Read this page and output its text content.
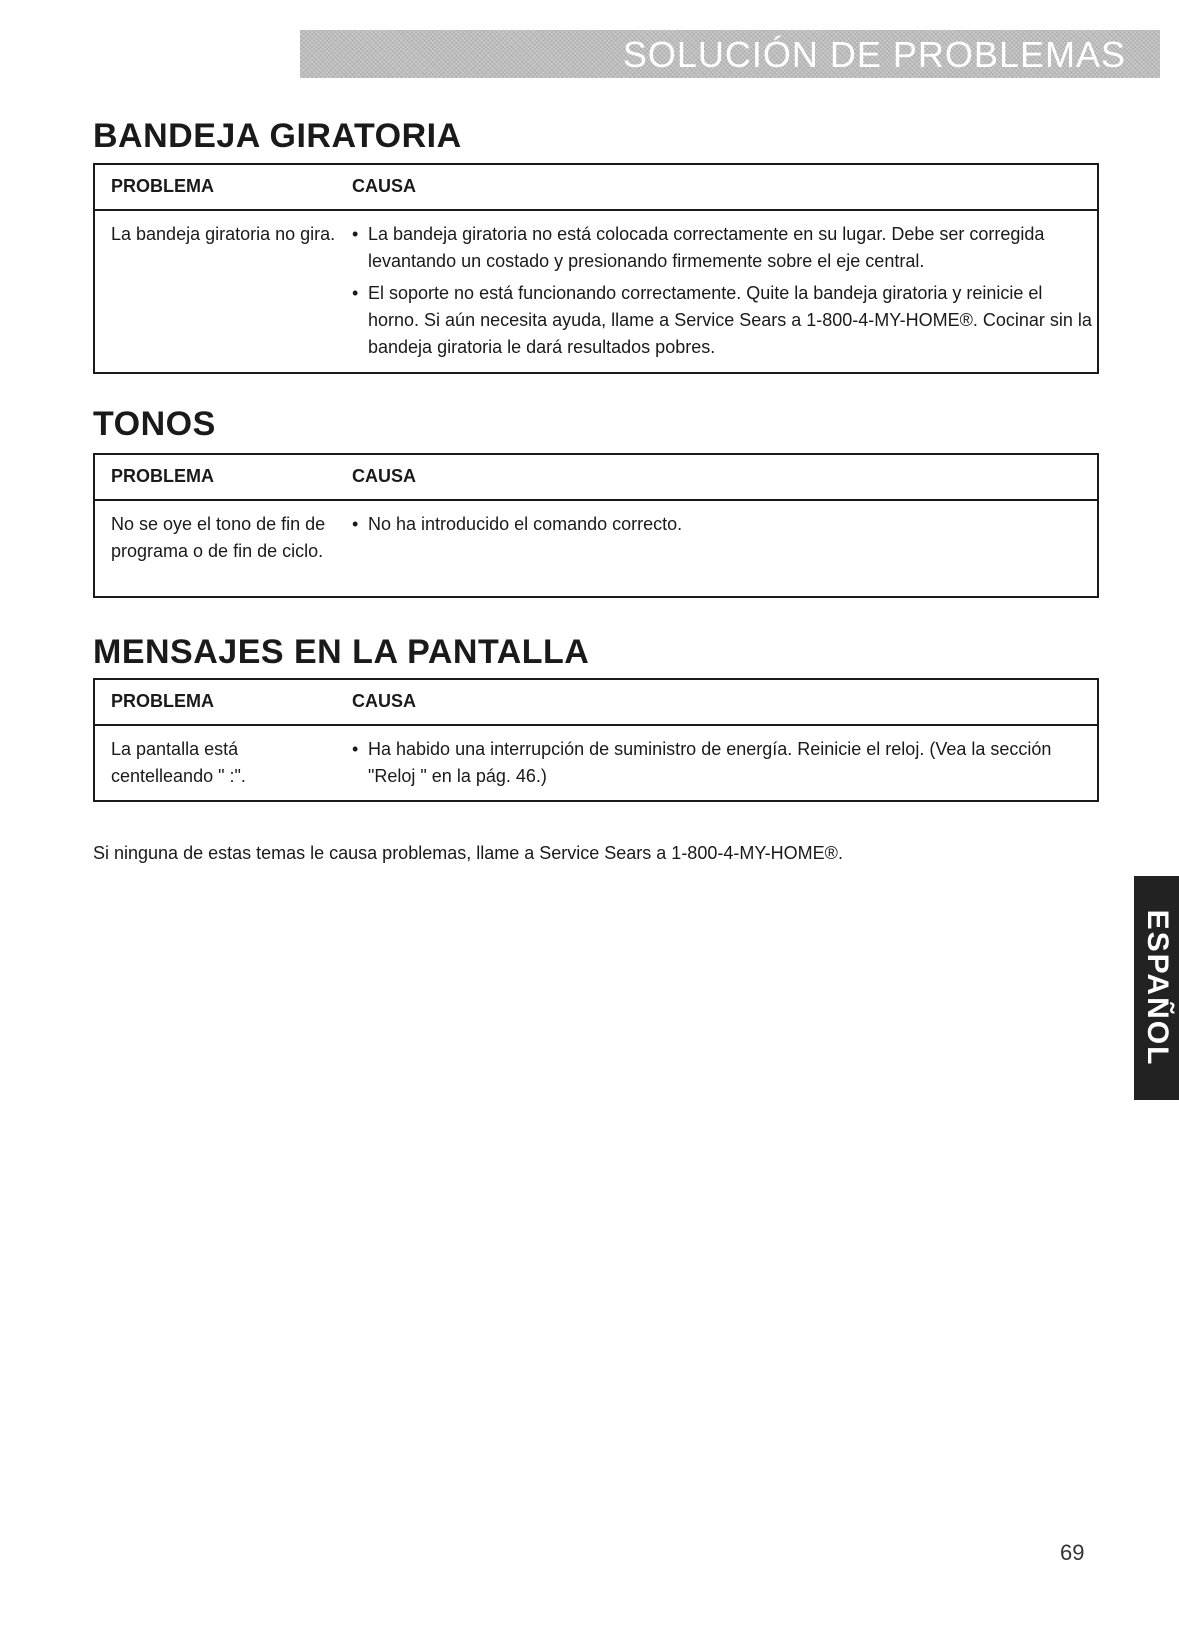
SOLUCIÓN DE PROBLEMAS
BANDEJA GIRATORIA
PROBLEMA	CAUSA
La bandeja giratoria no gira. • La bandeja giratoria no está colocada correctamente en su lugar. Debe ser corregida levantando un costado y presionando firmemente sobre el eje central.
• El soporte no está funcionando correctamente. Quite la bandeja giratoria y reinicie el horno. Si aún necesita ayuda, llame a Service Sears a 1-800-4-MY-HOME®. Cocinar sin la bandeja giratoria le dará resultados pobres.
TONOS
PROBLEMA	CAUSA
No se oye el tono de fin de programa o de fin de ciclo.
• No ha introducido el comando correcto.
MENSAJES EN LA PANTALLA
PROBLEMA	CAUSA
La pantalla está centelleando " :".
• Ha habido una interrupción de suministro de energía. Reinicie el reloj. (Vea la sección "Reloj " en la pág. 46.)
Si ninguna de estas temas le causa problemas, llame a Service Sears a 1-800-4-MY-HOME®.
ESPAÑOL
69
